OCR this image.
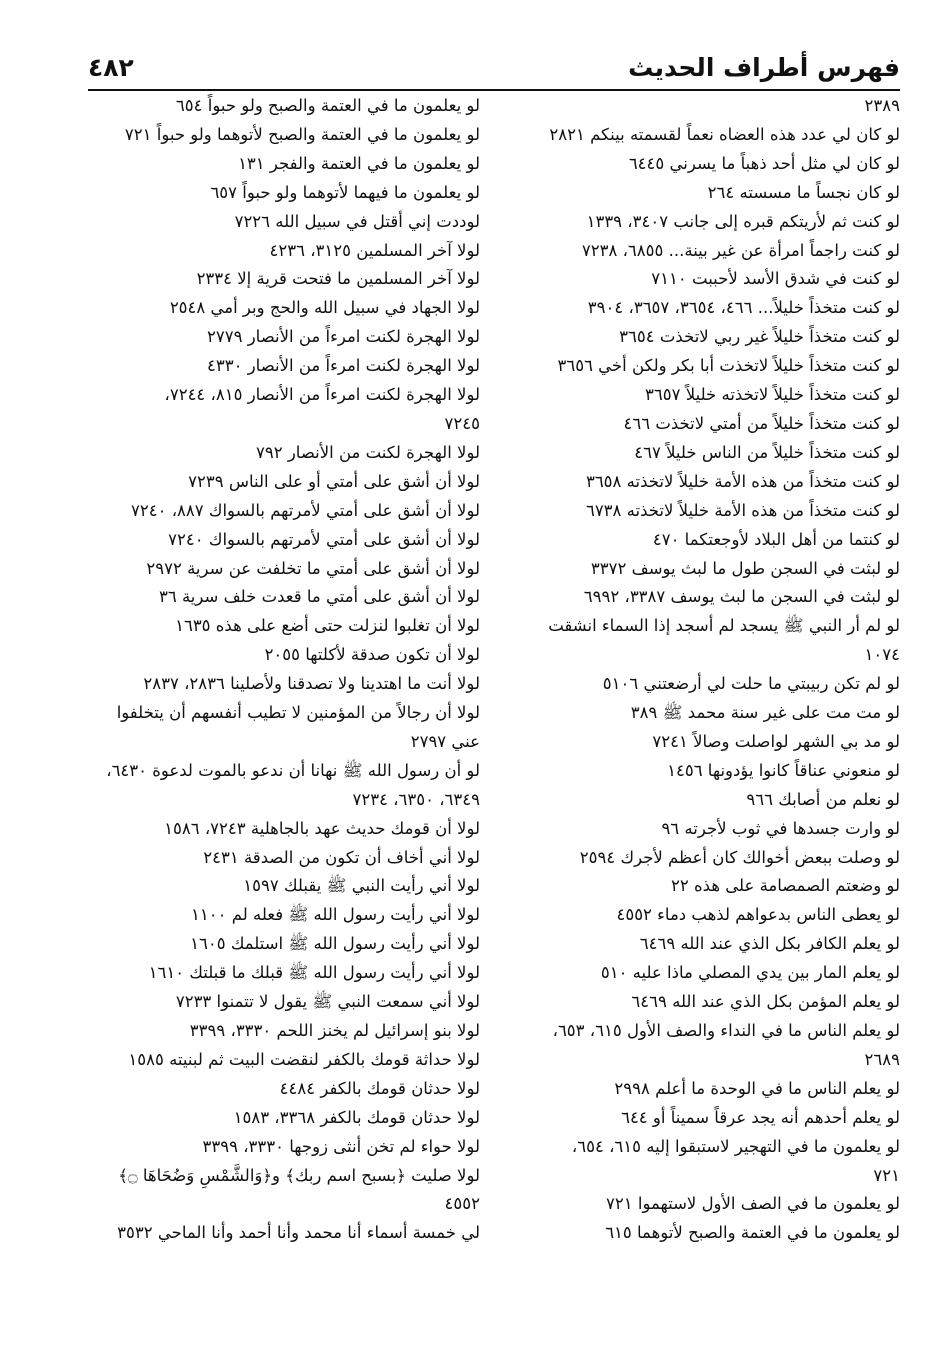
٤٨٢	فهرس أطراف الحديث

٢٣٨٩

لو كان لي عدد هذه العضاه نعماً لقسمته بينكم ٢٨٢١

لو كان لي مثل أحد ذهباً ما يسرني ٦٤٤٥

لو كان نجساً ما مسسته ٢٦٤

لو كنت ثم لأريتكم قبره إلى جانب ٣٤٠٧، ١٣٣٩

لو كنت راجماً امرأة عن غير بينة... ٦٨٥٥، ٧٢٣٨

لو كنت في شدق الأسد لأحببت ٧١١٠

لو كنت متخذاً خليلاً... ٤٦٦، ٣٦٥٤، ٣٦٥٧، ٣٩٠٤

لو كنت متخذاً خليلاً غير ربي لاتخذت ٣٦٥٤

لو كنت متخذاً خليلاً لاتخذت أبا بكر ولكن أخي ٣٦٥٦

لو كنت متخذاً خليلاً لاتخذته خليلاً ٣٦٥٧

لو كنت متخذاً خليلاً من أمتي لاتخذت ٤٦٦

لو كنت متخذاً خليلاً من الناس خليلاً ٤٦٧

لو كنت متخذاً من هذه الأمة خليلاً لاتخذته ٣٦٥٨

لو كنت متخذاً من هذه الأمة خليلاً لاتخذته ٦٧٣٨

لو كنتما من أهل البلاد لأوجعتكما ٤٧٠

لو لبثت في السجن طول ما لبث يوسف ٣٣٧٢

لو لبثت في السجن ما لبث يوسف ٣٣٨٧، ٦٩٩٢

لو لم أر النبي ﷺ يسجد لم أسجد إذا السماء انشقت

١٠٧٤

لو لم تكن ربيبتي ما حلت لي أرضعتني ٥١٠٦

لو مت مت على غير سنة محمد ﷺ ٣٨٩

لو مد بي الشهر لواصلت وصالاً ٧٢٤١

لو منعوني عناقاً كانوا يؤدونها ١٤٥٦

لو نعلم من أصابك ٩٦٦

لو وارت جسدها في ثوب لأجرته ٩٦

لو وصلت ببعض أخوالك كان أعظم لأجرك ٢٥٩٤

لو وضعتم الصمصامة على هذه ٢٢

لو يعطى الناس بدعواهم لذهب دماء ٤٥٥٢

لو يعلم الكافر بكل الذي عند الله ٦٤٦٩

لو يعلم المار بين يدي المصلي ماذا عليه ٥١٠

لو يعلم المؤمن بكل الذي عند الله ٦٤٦٩

لو يعلم الناس ما في النداء والصف الأول ٦١٥، ٦٥٣،

٢٦٨٩

لو يعلم الناس ما في الوحدة ما أعلم ٢٩٩٨

لو يعلم أحدهم أنه يجد عرقاً سميناً أو ٦٤٤

لو يعلمون ما في التهجير لاستبقوا إليه ٦١٥، ٦٥٤،

٧٢١

لو يعلمون ما في الصف الأول لاستهموا ٧٢١

لو يعلمون ما في العتمة والصبح لأتوهما ٦١٥

لو يعلمون ما في العتمة والصبح ولو حبواً ٦٥٤

لو يعلمون ما في العتمة والصبح لأتوهما ولو حبواً ٧٢١

لو يعلمون ما في العتمة والفجر ١٣١

لو يعلمون ما فيهما لأتوهما ولو حبواً ٦٥٧

لوددت إني أقتل في سبيل الله ٧٢٢٦

لولا آخر المسلمين ٣١٢٥، ٤٢٣٦

لولا آخر المسلمين ما فتحت قرية إلا ٢٣٣٤

لولا الجهاد في سبيل الله والحج وبر أمي ٢٥٤٨

لولا الهجرة لكنت امرءاً من الأنصار ٢٧٧٩

لولا الهجرة لكنت امرءاً من الأنصار ٤٣٣٠

لولا الهجرة لكنت امرءاً من الأنصار ٨١٥، ٧٢٤٤،

٧٢٤٥

لولا الهجرة لكنت من الأنصار ٧٩٢

لولا أن أشق على أمتي أو على الناس ٧٢٣٩

لولا أن أشق على أمتي لأمرتهم بالسواك ٨٨٧، ٧٢٤٠

لولا أن أشق على أمتي لأمرتهم بالسواك ٧٢٤٠

لولا أن أشق على أمتي ما تخلفت عن سرية ٢٩٧٢

لولا أن أشق على أمتي ما قعدت خلف سرية ٣٦

لولا أن تغلبوا لنزلت حتى أضع على هذه ١٦٣٥

لولا أن تكون صدقة لأكلتها ٢٠٥٥

لولا أنت ما اهتدينا ولا تصدقنا ولأصلينا ٢٨٣٦، ٢٨٣٧

لولا أن رجالاً من المؤمنين لا تطيب أنفسهم أن يتخلفوا

عني ٢٧٩٧

لو أن رسول الله ﷺ نهانا أن ندعو بالموت لدعوة ٦٤٣٠،

٦٣٤٩، ٦٣٥٠، ٧٢٣٤

لولا أن قومك حديث عهد بالجاهلية ٧٢٤٣، ١٥٨٦

لولا أني أخاف أن تكون من الصدقة ٢٤٣١

لولا أني رأيت النبي ﷺ يقبلك ١٥٩٧

لولا أني رأيت رسول الله ﷺ فعله لم ١١٠٠

لولا أني رأيت رسول الله ﷺ استلمك ١٦٠٥

لولا أني رأيت رسول الله ﷺ قبلك ما قبلتك ١٦١٠

لولا أني سمعت النبي ﷺ يقول لا تتمنوا ٧٢٣٣

لولا بنو إسرائيل لم يخنز اللحم ٣٣٣٠، ٣٣٩٩

لولا حداثة قومك بالكفر لنقضت البيت ثم لبنيته ١٥٨٥

لولا حدثان قومك بالكفر ٤٤٨٤

لولا حدثان قومك بالكفر ٣٣٦٨، ١٥٨٣

لولا حواء لم تخن أنثى زوجها ٣٣٣٠، ٣٣٩٩

لولا صليت ﴿بسبح اسم ربك﴾ و﴿وَالشَّمْسِ وَضُحَاهَا ۝﴾

٤٥٥٢

لي خمسة أسماء أنا محمد وأنا أحمد وأنا الماحي ٣٥٣٢
